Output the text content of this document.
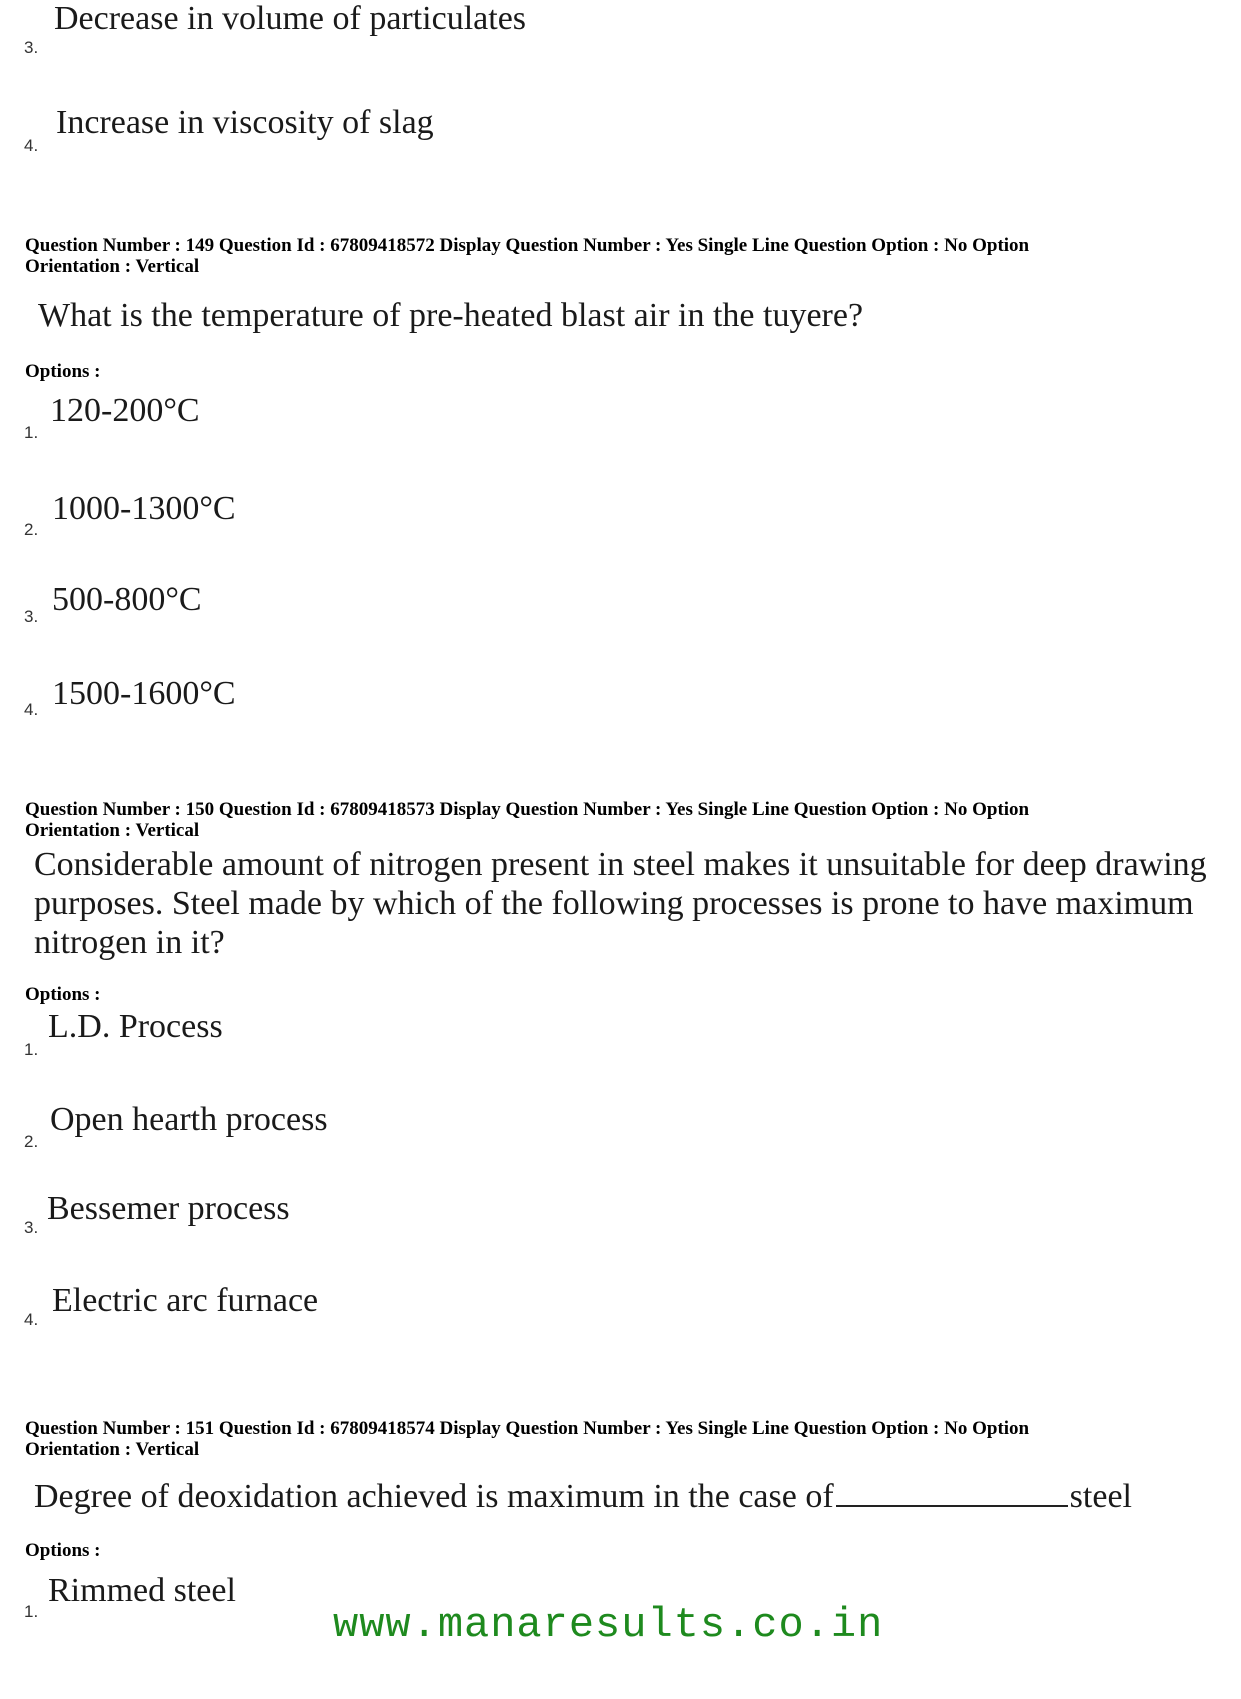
3.
Decrease in volume of particulates
4.
Increase in viscosity of slag
Question Number : 149 Question Id : 67809418572 Display Question Number : Yes Single Line Question Option : No Option
Orientation : Vertical
What is the temperature of pre-heated blast air in the tuyere?
Options :
1.
120-200°C
2.
1000-1300°C
3. 500-800°C
4. 1500-1600°C
Question Number : 150 Question Id : 67809418573 Display Question Number : Yes Single Line Question Option : No Option
Orientation : Vertical
Considerable amount of nitrogen present in steel makes it unsuitable for deep drawing
purposes. Steel made by which of the following processes is prone to have maximum
nitrogen in it?
Options :
1.
L.D. Process
2.
Open hearth process
3.
Bessemer process
4.
Electric arc furnace
Question Number : 151 Question Id : 67809418574 Display Question Number : Yes Single Line Question Option : No Option
Orientation : Vertical
Degree of deoxidation achieved is maximum in the case of	steel
Options :
1.
Rimmed steel
www.manaresults.co.in
